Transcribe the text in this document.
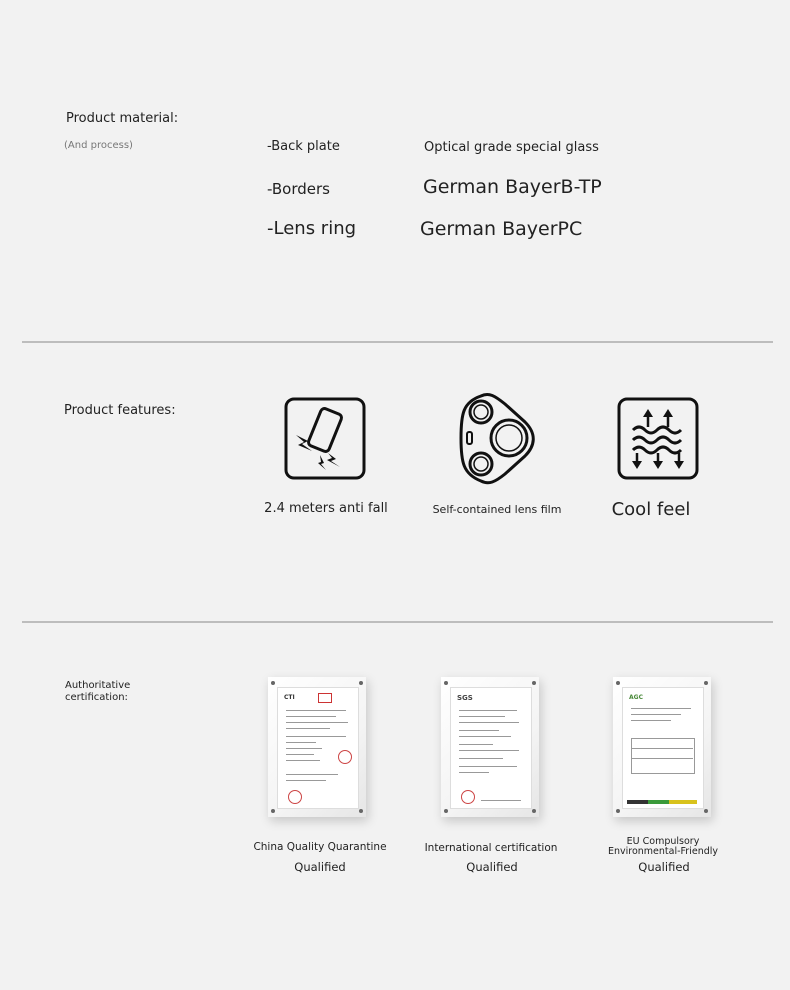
Product material:
(And process)	-Back plate	Optical grade special glass
-Borders	German BayerB-TP
-Lens ring	German BayerPC
Product features:
2.4 meters anti fall	Self-contained lens film	Cool feel
Authoritative
certification:	CTI	SGS	AGC
China Quality Quarantine
Qualified
International certification
Qualified
EU Compulsory Environmental-Friendly
Qualified
